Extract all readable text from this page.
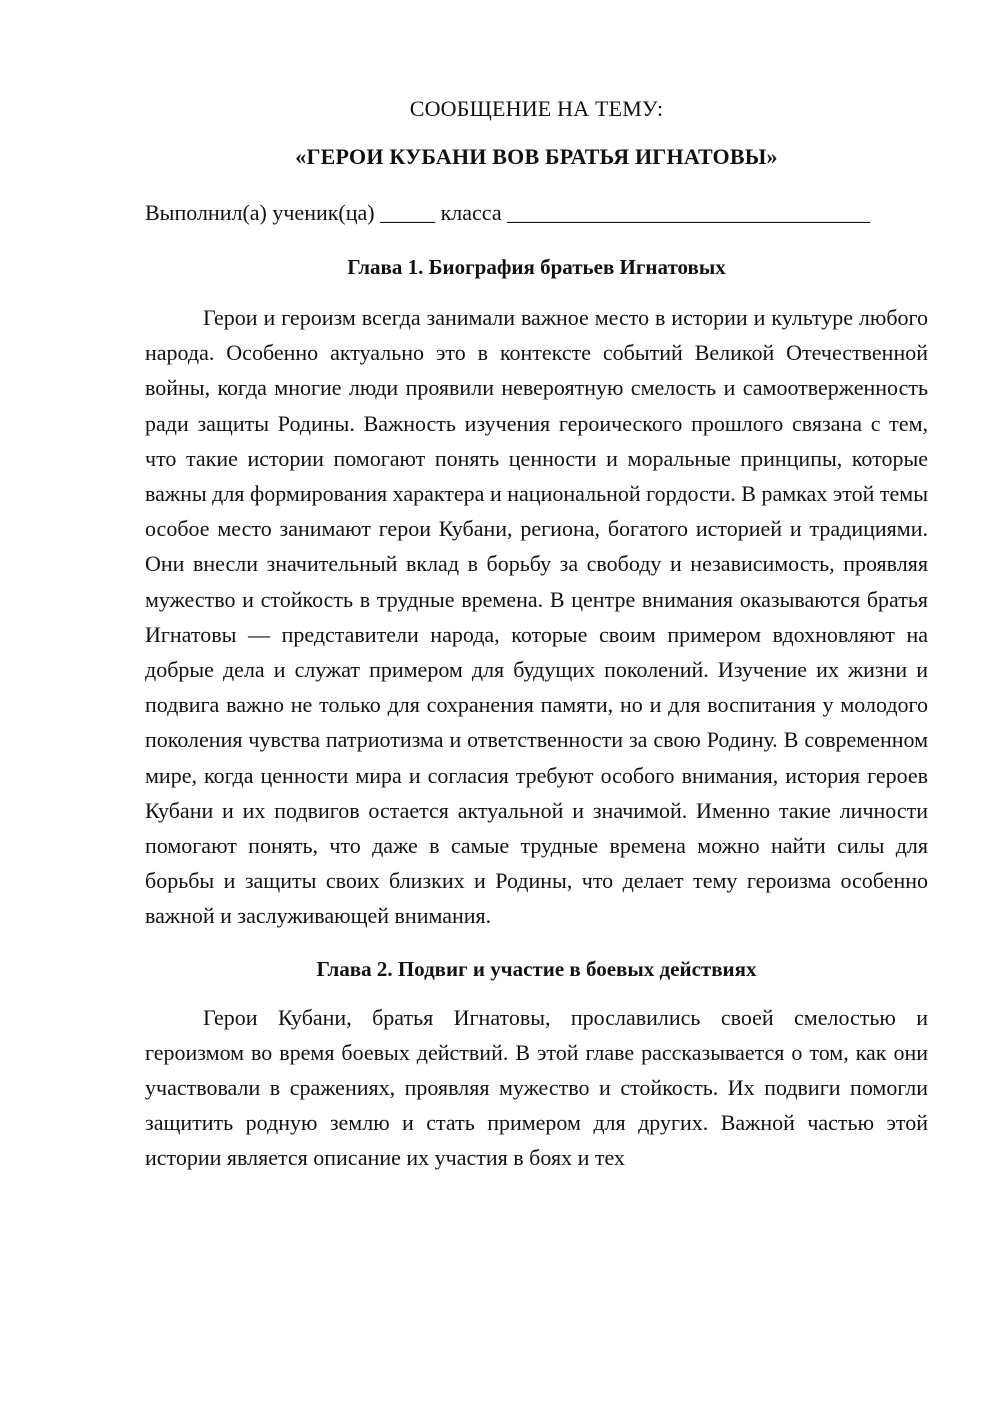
СООБЩЕНИЕ НА ТЕМУ:
«ГЕРОИ КУБАНИ ВОВ БРАТЬЯ ИГНАТОВЫ»
Выполнил(а) ученик(ца) _____ класса _________________________________
Глава 1. Биография братьев Игнатовых

Герои и героизм всегда занимали важное место в истории и культуре любого народа. Особенно актуально это в контексте событий Великой Отечественной войны, когда многие люди проявили невероятную смелость и самоотверженность ради защиты Родины. Важность изучения героического прошлого связана с тем, что такие истории помогают понять ценности и моральные принципы, которые важны для формирования характера и национальной гордости. В рамках этой темы особое место занимают герои Кубани, региона, богатого историей и традициями. Они внесли значительный вклад в борьбу за свободу и независимость, проявляя мужество и стойкость в трудные времена. В центре внимания оказываются братья Игнатовы — представители народа, которые своим примером вдохновляют на добрые дела и служат примером для будущих поколений. Изучение их жизни и подвига важно не только для сохранения памяти, но и для воспитания у молодого поколения чувства патриотизма и ответственности за свою Родину. В современном мире, когда ценности мира и согласия требуют особого внимания, история героев Кубани и их подвигов остается актуальной и значимой. Именно такие личности помогают понять, что даже в самые трудные времена можно найти силы для борьбы и защиты своих близких и Родины, что делает тему героизма особенно важной и заслуживающей внимания.

Глава 2. Подвиг и участие в боевых действиях

Герои Кубани, братья Игнатовы, прославились своей смелостью и героизмом во время боевых действий. В этой главе рассказывается о том, как они участвовали в сражениях, проявляя мужество и стойкость. Их подвиги помогли защитить родную землю и стать примером для других. Важной частью этой истории является описание их участия в боях и тех
